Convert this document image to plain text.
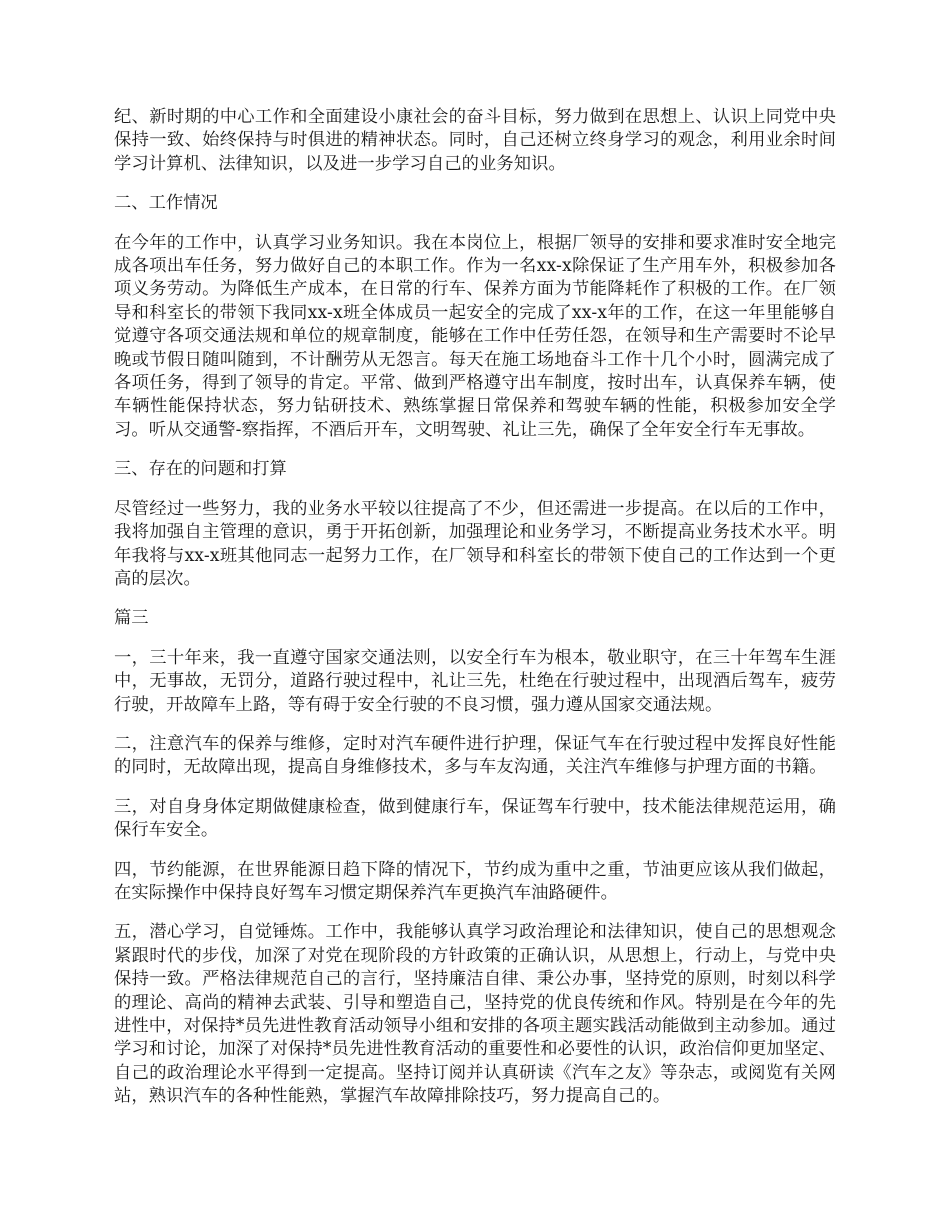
纪、新时期的中心工作和全面建设小康社会的奋斗目标，努力做到在思想上、认识上同党中央保持一致、始终保持与时俱进的精神状态。同时，自己还树立终身学习的观念，利用业余时间学习计算机、法律知识，以及进一步学习自己的业务知识。

二、工作情况

在今年的工作中，认真学习业务知识。我在本岗位上，根据厂领导的安排和要求准时安全地完成各项出车任务，努力做好自己的本职工作。作为一名xx-x除保证了生产用车外，积极参加各项义务劳动。为降低生产成本，在日常的行车、保养方面为节能降耗作了积极的工作。在厂领导和科室长的带领下我同xx-x班全体成员一起安全的完成了xx-x年的工作，在这一年里能够自觉遵守各项交通法规和单位的规章制度，能够在工作中任劳任怨，在领导和生产需要时不论早晚或节假日随叫随到，不计酬劳从无怨言。每天在施工场地奋斗工作十几个小时，圆满完成了各项任务，得到了领导的肯定。平常、做到严格遵守出车制度，按时出车，认真保养车辆，使车辆性能保持状态，努力钻研技术、熟练掌握日常保养和驾驶车辆的性能，积极参加安全学习。听从交通警-察指挥，不酒后开车，文明驾驶、礼让三先，确保了全年安全行车无事故。

三、存在的问题和打算

尽管经过一些努力，我的业务水平较以往提高了不少，但还需进一步提高。在以后的工作中，我将加强自主管理的意识，勇于开拓创新，加强理论和业务学习，不断提高业务技术水平。明年我将与xx-x班其他同志一起努力工作，在厂领导和科室长的带领下使自己的工作达到一个更高的层次。

篇三

一，三十年来，我一直遵守国家交通法则，以安全行车为根本，敬业职守，在三十年驾车生涯中，无事故，无罚分，道路行驶过程中，礼让三先，杜绝在行驶过程中，出现酒后驾车，疲劳行驶，开故障车上路，等有碍于安全行驶的不良习惯，强力遵从国家交通法规。

二，注意汽车的保养与维修，定时对汽车硬件进行护理，保证气车在行驶过程中发挥良好性能的同时，无故障出现，提高自身维修技术，多与车友沟通，关注汽车维修与护理方面的书籍。

三，对自身身体定期做健康检查，做到健康行车，保证驾车行驶中，技术能法律规范运用，确保行车安全。

四，节约能源，在世界能源日趋下降的情况下，节约成为重中之重，节油更应该从我们做起，在实际操作中保持良好驾车习惯定期保养汽车更换汽车油路硬件。

五，潜心学习，自觉锤炼。工作中，我能够认真学习政治理论和法律知识，使自己的思想观念紧跟时代的步伐，加深了对党在现阶段的方针政策的正确认识，从思想上，行动上，与党中央保持一致。严格法律规范自己的言行，坚持廉洁自律、秉公办事，坚持党的原则，时刻以科学的理论、高尚的精神去武装、引导和塑造自己，坚持党的优良传统和作风。特别是在今年的先进性中，对保持*员先进性教育活动领导小组和安排的各项主题实践活动能做到主动参加。通过学习和讨论，加深了对保持*员先进性教育活动的重要性和必要性的认识，政治信仰更加坚定、自己的政治理论水平得到一定提高。坚持订阅并认真研读《汽车之友》等杂志，或阅览有关网站，熟识汽车的各种性能熟，掌握汽车故障排除技巧，努力提高自己的。
